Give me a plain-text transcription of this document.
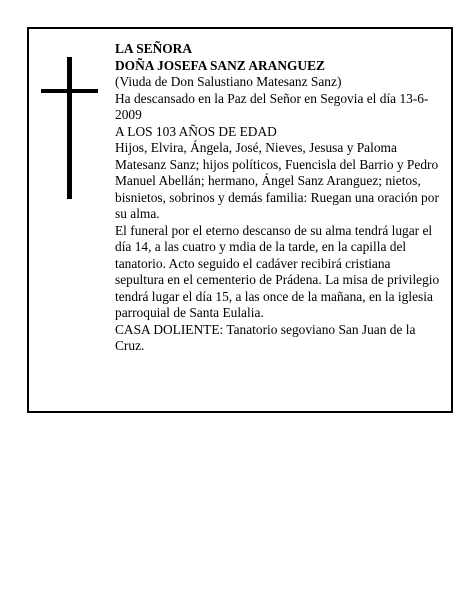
LA SEÑORA

DOÑA JOSEFA SANZ ARANGUEZ

(Viuda de Don Salustiano Matesanz Sanz)

Ha descansado en la Paz del Señor en Segovia el día 13-6-2009

A LOS 103 AÑOS DE EDAD

Hijos, Elvira, Ángela, José, Nieves, Jesusa y Paloma Matesanz Sanz; hijos políticos, Fuencisla del Barrio y Pedro Manuel Abellán; hermano, Ángel Sanz Aranguez; nietos, bisnietos, sobrinos y demás familia: Ruegan una oración por su alma.

El funeral por el eterno descanso de su alma tendrá lugar el día 14, a las cuatro y mdia de la tarde, en la capilla del tanatorio. Acto seguido el cadáver recibirá cristiana sepultura en el cementerio de Prádena. La misa de privilegio tendrá lugar el día 15, a las once de la mañana, en la iglesia parroquial de Santa Eulalia.

CASA DOLIENTE: Tanatorio segoviano San Juan de la Cruz.
